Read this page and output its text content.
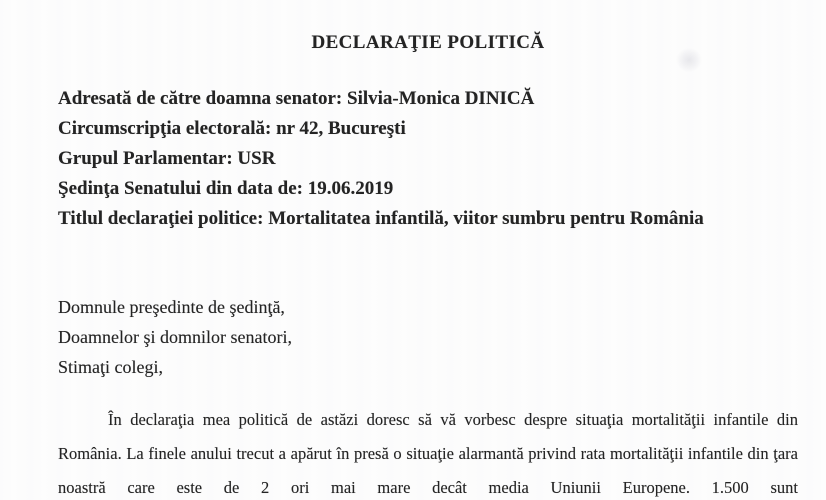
DECLARAŢIE POLITICĂ
Adresată de către doamna senator: Silvia-Monica DINICĂ
Circumscripţia electorală: nr 42, Bucureşti
Grupul Parlamentar: USR
Şedinţa Senatului din data de: 19.06.2019
Titlul declaraţiei politice: Mortalitatea infantilă, viitor sumbru pentru România
Domnule preşedinte de şedinţă,
Doamnelor şi domnilor senatori,
Stimaţi colegi,

În declaraţia mea politică de astăzi doresc să vă vorbesc despre situaţia mortalităţii infantile din România. La finele anului trecut a apărut în presă o situaţie alarmantă privind rata mortalităţii infantile din ţara noastră care este de 2 ori mai mare decât media Uniunii Europene. 1.500 sunt
